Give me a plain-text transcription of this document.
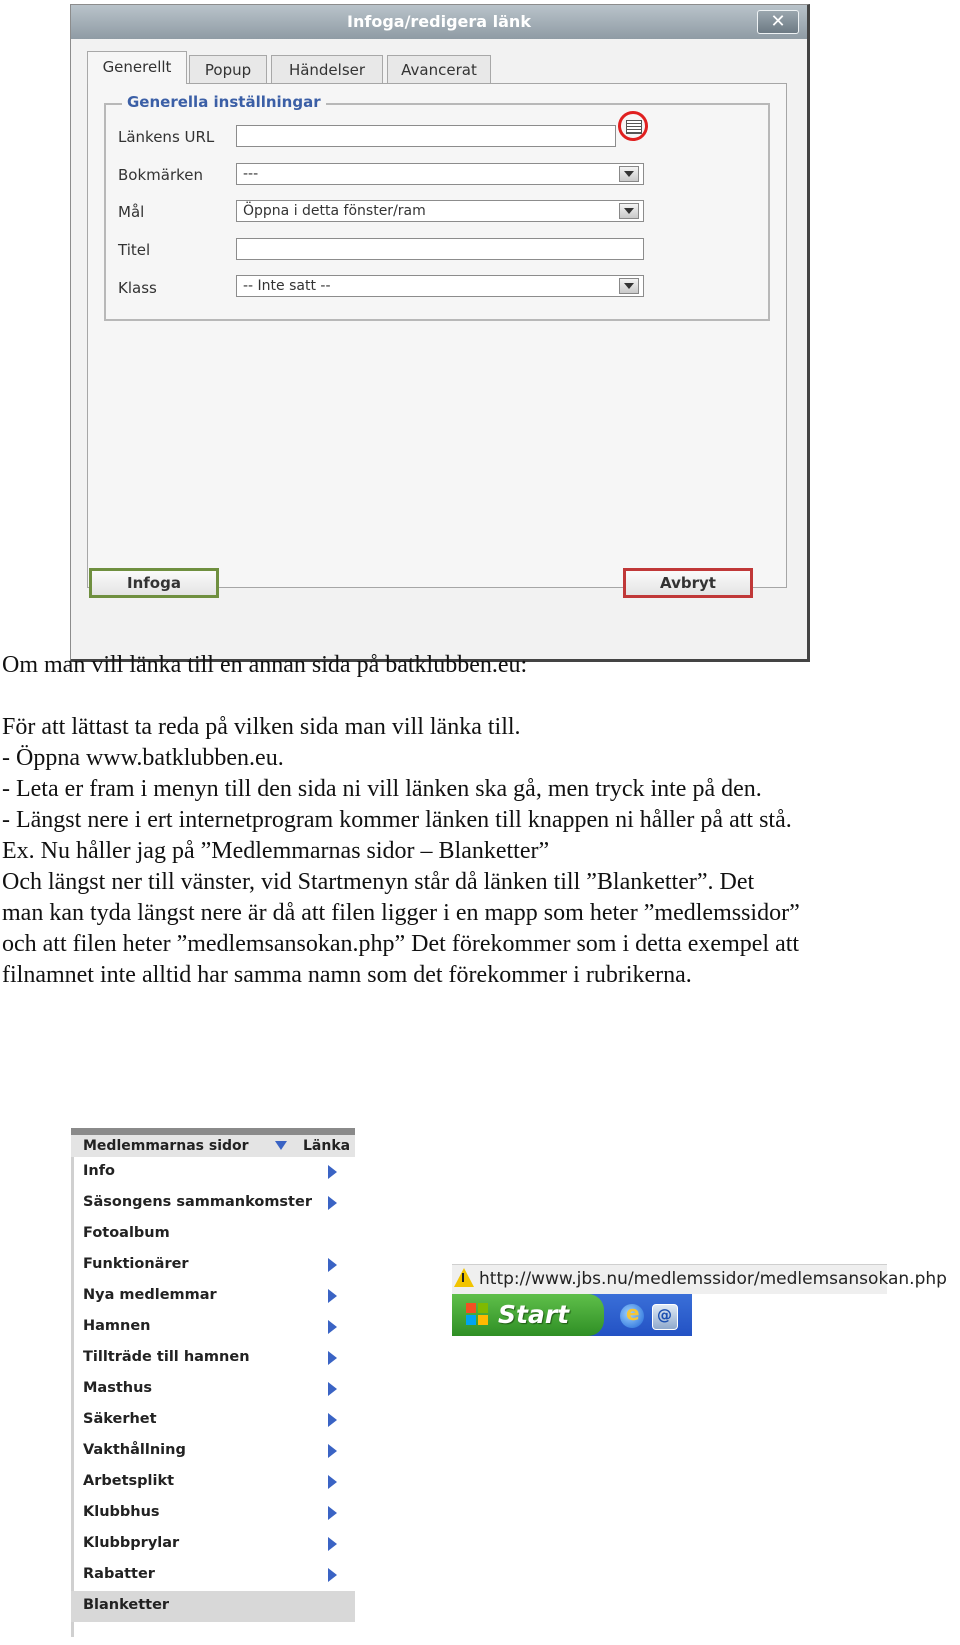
Infoga/redigera länk	✕
Generellt	Popup	Händelser	Avancerat
Generella inställningar
Länkens URL
Bokmärken	---
Mål	Öppna i detta fönster/ram
Titel
Klass	-- Inte satt --
Infoga	Avbryt

Om man vill länka till en annan sida på batklubben.eu:

För att lättast ta reda på vilken sida man vill länka till.

- Öppna www.batklubben.eu.

- Leta er fram i menyn till den sida ni vill länken ska gå, men tryck inte på den.

- Längst nere i ert internetprogram kommer länken till knappen ni håller på att stå.

Ex. Nu håller jag på ”Medlemmarnas sidor – Blanketter”

Och längst ner till vänster, vid Startmenyn står då länken till ”Blanketter”. Det

man kan tyda längst nere är då att filen ligger i en mapp som heter ”medlemssidor”

och att filen heter ”medlemsansokan.php” Det förekommer som i detta exempel att

filnamnet inte alltid har samma namn som det förekommer i rubrikerna.

Medlemmarnas sidor	Länka
Info
Säsongens sammankomster
Fotoalbum
Funktionärer
Nya medlemmar
Hamnen
Tillträde till hamnen
Masthus
Säkerhet
Vakthållning
Arbetsplikt
Klubbhus
Klubbprylar
Rabatter
Blanketter
http://www.jbs.nu/medlemssidor/medlemsansokan.php
Start
e
@
